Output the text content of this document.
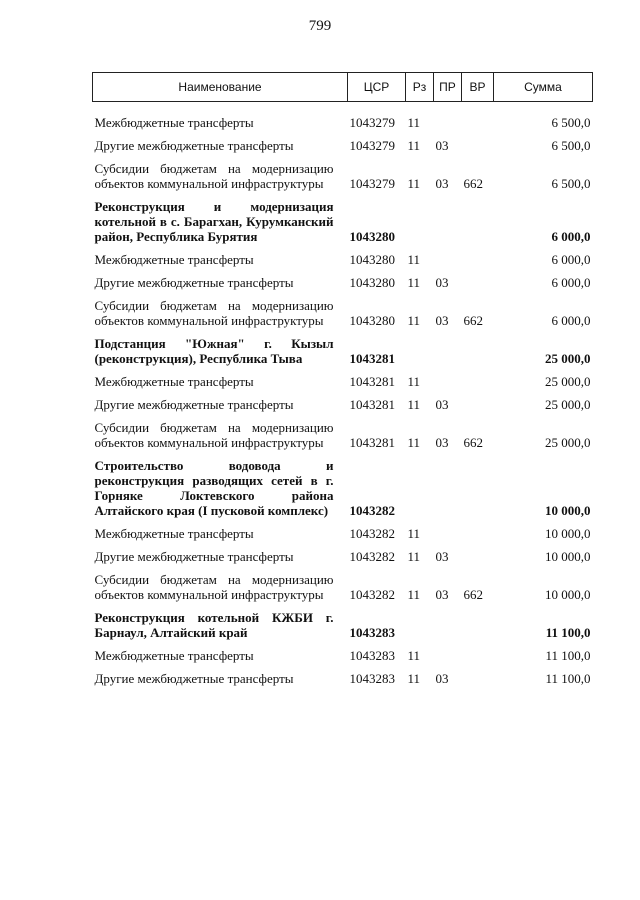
799
Наименование	ЦСР	Рз	ПР	ВР	Сумма

Межбюджетные трансферты	1043279	11			6 500,0
Другие межбюджетные трансферты	1043279	11	03		6 500,0
Субсидии бюджетам на модернизацию объектов коммунальной инфраструктуры	1043279	11	03	662	6 500,0
Реконструкция и модернизация котельной в с. Барагхан, Курумканский район, Республика Бурятия	1043280				6 000,0
Межбюджетные трансферты	1043280	11			6 000,0
Другие межбюджетные трансферты	1043280	11	03		6 000,0
Субсидии бюджетам на модернизацию объектов коммунальной инфраструктуры	1043280	11	03	662	6 000,0
Подстанция "Южная" г. Кызыл (реконструкция), Республика Тыва	1043281				25 000,0
Межбюджетные трансферты	1043281	11			25 000,0
Другие межбюджетные трансферты	1043281	11	03		25 000,0
Субсидии бюджетам на модернизацию объектов коммунальной инфраструктуры	1043281	11	03	662	25 000,0
Строительство водовода и реконструкция разводящих сетей в г. Горняке Локтевского района Алтайского края (I пусковой комплекс)	1043282				10 000,0
Межбюджетные трансферты	1043282	11			10 000,0
Другие межбюджетные трансферты	1043282	11	03		10 000,0
Субсидии бюджетам на модернизацию объектов коммунальной инфраструктуры	1043282	11	03	662	10 000,0
Реконструкция котельной КЖБИ г. Барнаул, Алтайский край	1043283				11 100,0
Межбюджетные трансферты	1043283	11			11 100,0
Другие межбюджетные трансферты	1043283	11	03		11 100,0
